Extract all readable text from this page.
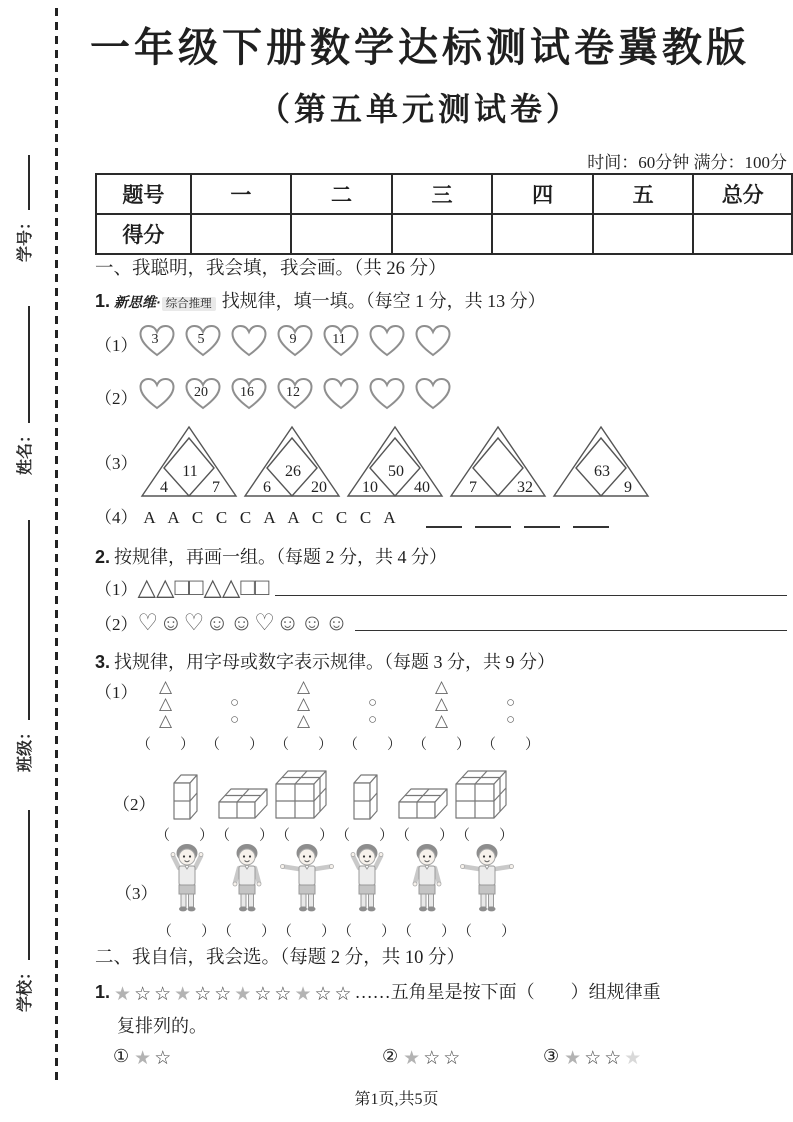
学号：
姓名：
班级：
学校：
一年级下册数学达标测试卷冀教版
（第五单元测试卷）
时间：60分钟 满分：100分
题号	一	二	三	四	五	总分
得分						
一、我聪明，我会填，我会画。（共 26 分）
1. 新思维· 综合推理 找规律，填一填。（每空 1 分，共 13 分）
（1） 3	5	9	11
（2）	20 16 12
（3）	11
4	7
26
6	20
50
10 40 7	32
63
9
（4） A A C C C A A C C C A
2. 按规律，再画一组。（每题 2 分，共 4 分）
（1） △△□□△△□□
（2） ♡☺♡☺☺♡☺☺☺
3. 找规律，用字母或数字表示规律。（每题 3 分，共 9 分）
（1） △
△
△
（　　）
○
○
（　　）
△
△
△
（　　）
○
○
（　　）
△
△
△
（　　）
○
○
（　　）
（2）
（　　） （　　） （　　） （　　） （　　） （　　）
（3）
（　　） （　　） （　　） （　　） （　　） （　　）
二、我自信，我会选。（每题 2 分，共 10 分）
1. ★ ☆ ☆ ★ ☆ ☆ ★ ☆ ☆ ★ ☆ ☆ ……五角星是按下面（　　）组规律重
复排列的。
① ★ ☆	② ★ ☆ ☆	③ ★ ☆ ☆ ★
第1页,共5页
